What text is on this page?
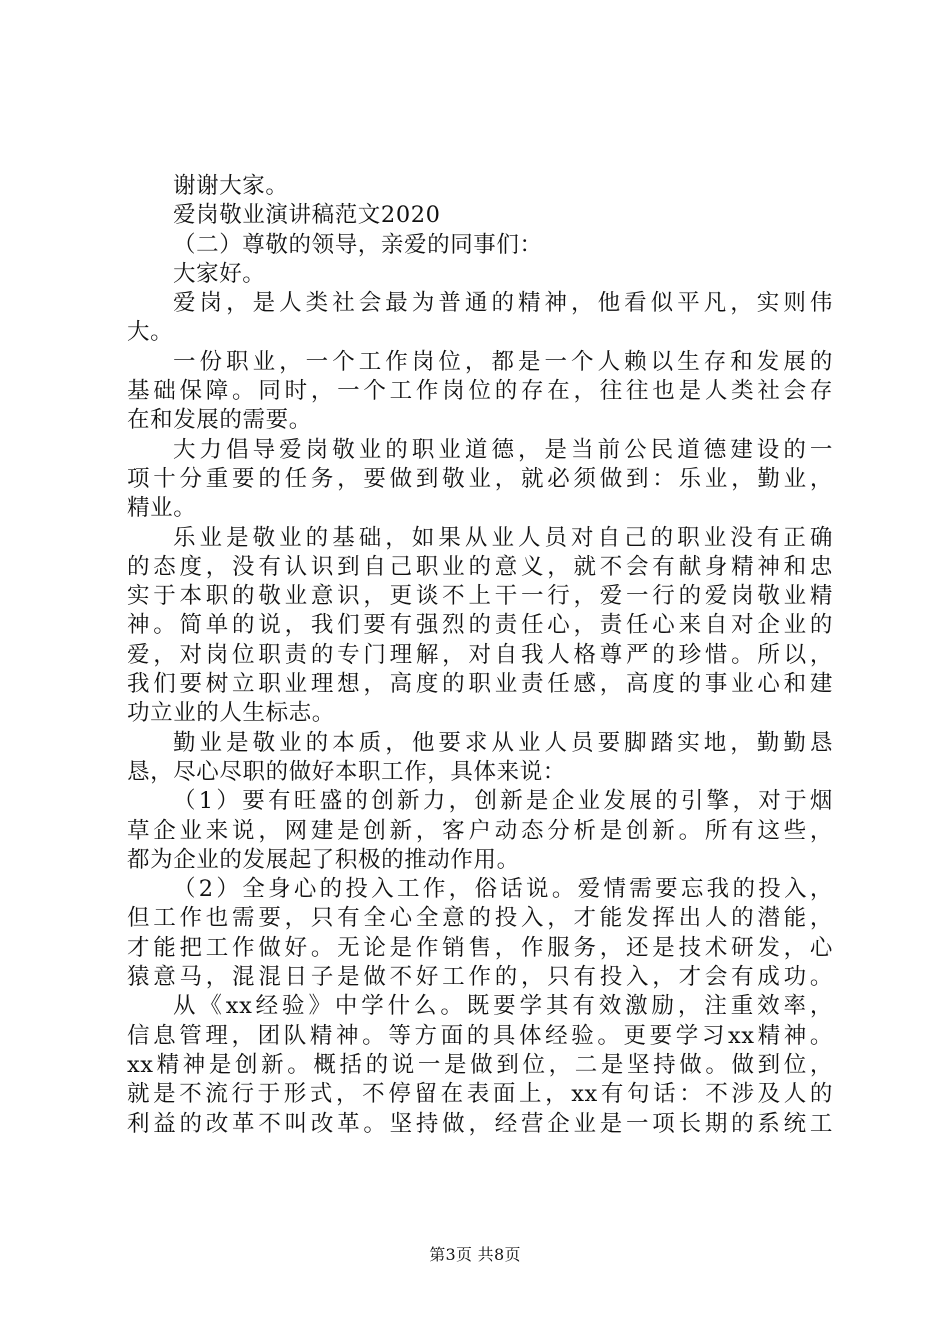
谢谢大家。
爱岗敬业演讲稿范文2020
（二）尊敬的领导，亲爱的同事们：
大家好。
爱岗，是人类社会最为普通的精神，他看似平凡，实则伟
大。
一份职业，一个工作岗位，都是一个人赖以生存和发展的
基础保障。同时，一个工作岗位的存在，往往也是人类社会存
在和发展的需要。
大力倡导爱岗敬业的职业道德，是当前公民道德建设的一
项十分重要的任务，要做到敬业，就必须做到：乐业，勤业，
精业。
乐业是敬业的基础，如果从业人员对自己的职业没有正确
的态度，没有认识到自己职业的意义，就不会有献身精神和忠
实于本职的敬业意识，更谈不上干一行，爱一行的爱岗敬业精
神。简单的说，我们要有强烈的责任心，责任心来自对企业的
爱，对岗位职责的专门理解，对自我人格尊严的珍惜。所以，
我们要树立职业理想，高度的职业责任感，高度的事业心和建
功立业的人生标志。
勤业是敬业的本质，他要求从业人员要脚踏实地，勤勤恳
恳，尽心尽职的做好本职工作，具体来说：
（1）要有旺盛的创新力，创新是企业发展的引擎，对于烟
草企业来说，网建是创新，客户动态分析是创新。所有这些，
都为企业的发展起了积极的推动作用。
（2）全身心的投入工作，俗话说。爱情需要忘我的投入，
但工作也需要，只有全心全意的投入，才能发挥出人的潜能，
才能把工作做好。无论是作销售，作服务，还是技术研发，心
猿意马，混混日子是做不好工作的，只有投入，才会有成功。
从《xx经验》中学什么。既要学其有效激励，注重效率，
信息管理，团队精神。等方面的具体经验。更要学习xx精神。
xx精神是创新。概括的说一是做到位，二是坚持做。做到位，
就是不流行于形式，不停留在表面上，xx有句话：不涉及人的
利益的改革不叫改革。坚持做，经营企业是一项长期的系统工
第3页 共8页
